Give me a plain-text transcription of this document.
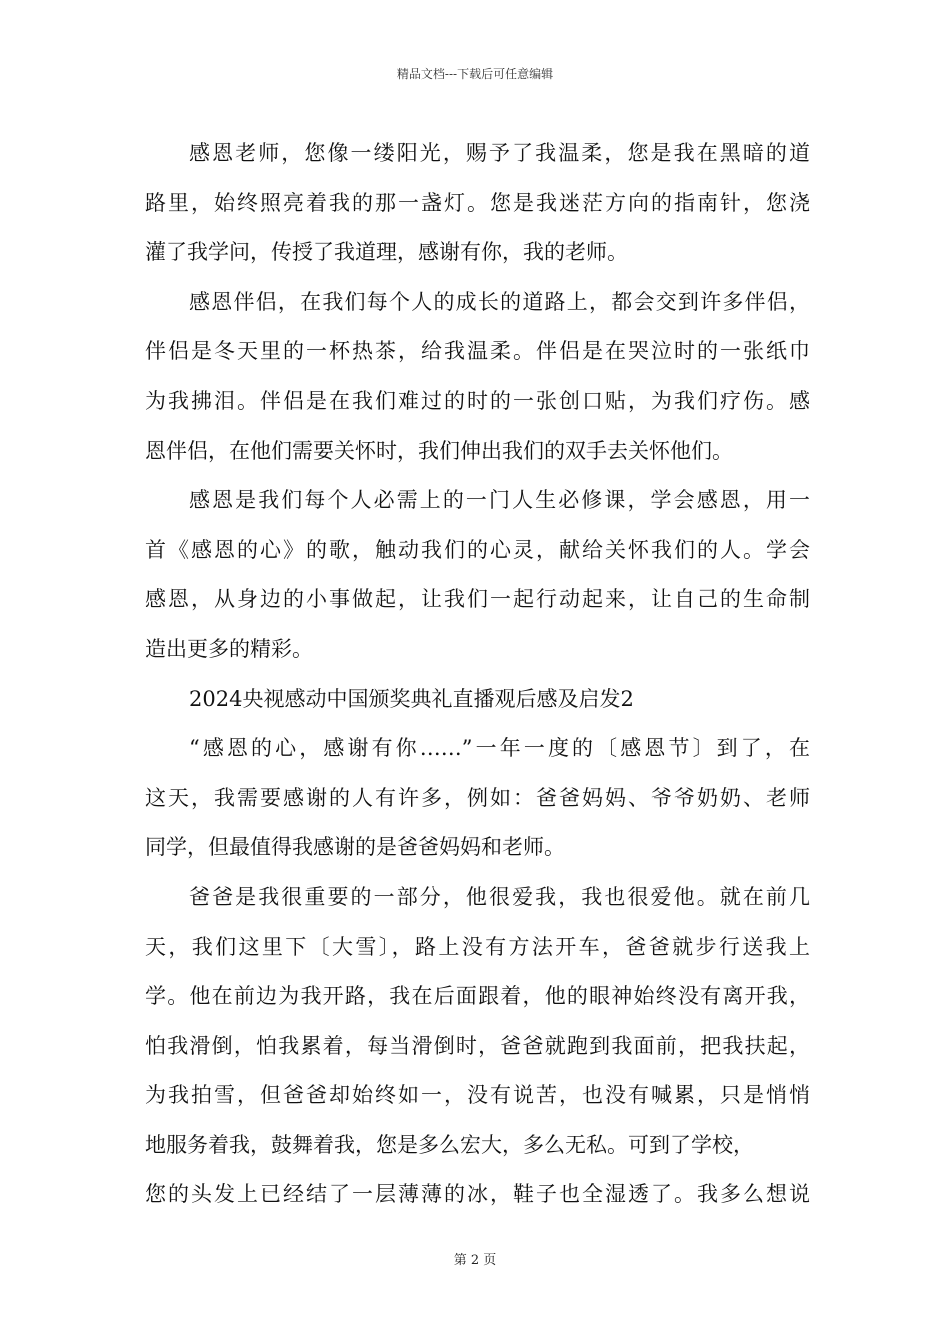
精品文档---下载后可任意编辑
感恩老师，您像一缕阳光，赐予了我温柔，您是我在黑暗的道
路里，始终照亮着我的那一盏灯。您是我迷茫方向的指南针，您浇
灌了我学问，传授了我道理，感谢有你，我的老师。
感恩伴侣，在我们每个人的成长的道路上，都会交到许多伴侣，
伴侣是冬天里的一杯热茶，给我温柔。伴侣是在哭泣时的一张纸巾
为我拂泪。伴侣是在我们难过的时的一张创口贴，为我们疗伤。感
恩伴侣，在他们需要关怀时，我们伸出我们的双手去关怀他们。
感恩是我们每个人必需上的一门人生必修课，学会感恩，用一
首《感恩的心》的歌，触动我们的心灵，献给关怀我们的人。学会
感恩，从身边的小事做起，让我们一起行动起来，让自己的生命制
造出更多的精彩。
2024央视感动中国颁奖典礼直播观后感及启发2
“感恩的心，感谢有你……”一年一度的〔感恩节〕到了，在
这天，我需要感谢的人有许多，例如：爸爸妈妈、爷爷奶奶、老师
同学，但最值得我感谢的是爸爸妈妈和老师。
爸爸是我很重要的一部分，他很爱我，我也很爱他。就在前几
天，我们这里下〔大雪〕，路上没有方法开车，爸爸就步行送我上
学。他在前边为我开路，我在后面跟着，他的眼神始终没有离开我，
怕我滑倒，怕我累着，每当滑倒时，爸爸就跑到我面前，把我扶起，
为我拍雪，但爸爸却始终如一，没有说苦，也没有喊累，只是悄悄
地服务着我，鼓舞着我，您是多么宏大，多么无私。可到了学校，
您的头发上已经结了一层薄薄的冰，鞋子也全湿透了。我多么想说
第 2 页
